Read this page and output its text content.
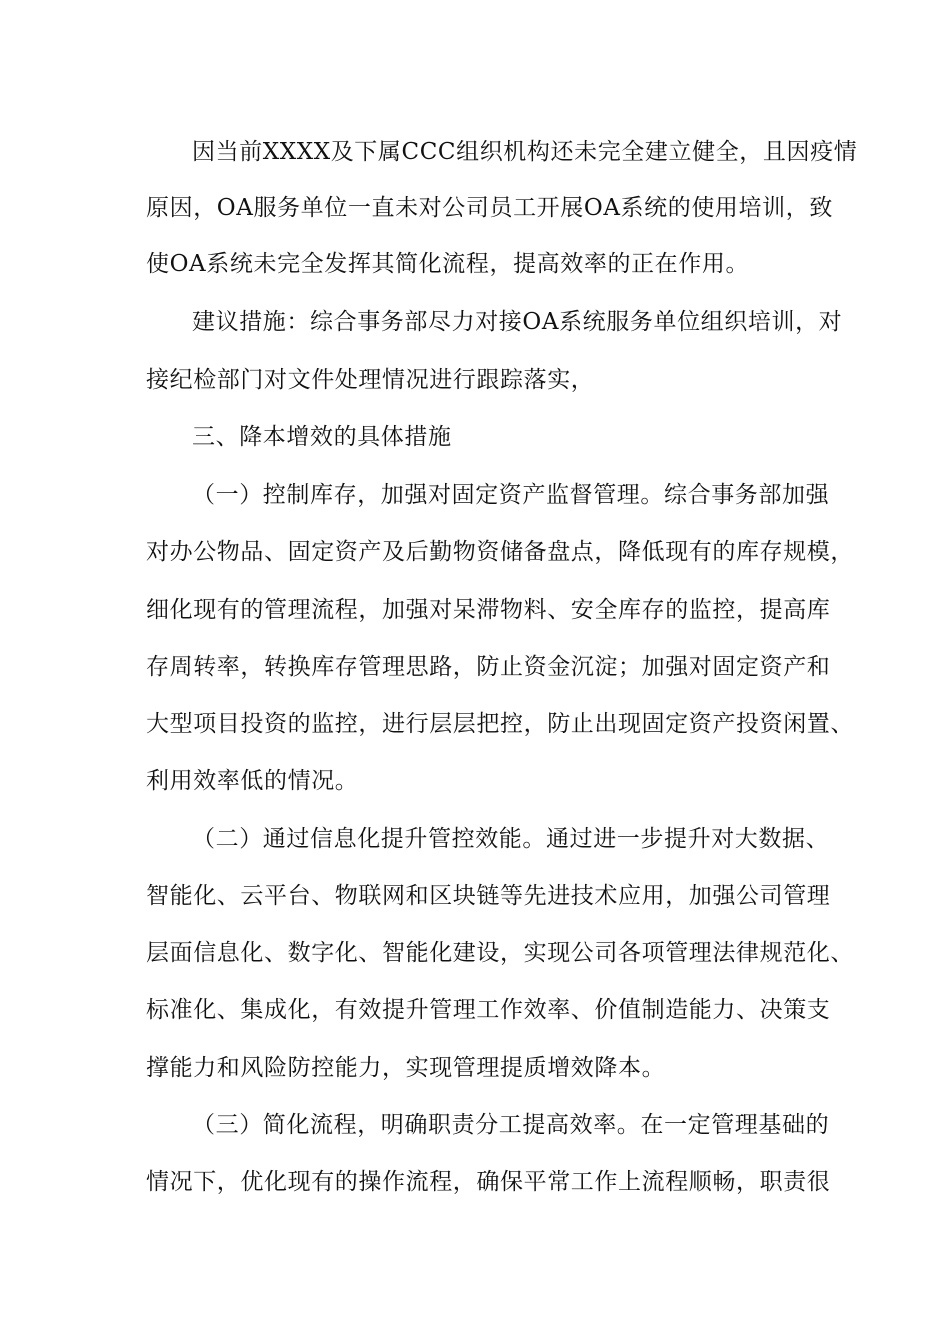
因当前XXXX及下属CCC组织机构还未完全建立健全，且因疫情
原因，OA服务单位一直未对公司员工开展OA系统的使用培训，致
使OA系统未完全发挥其简化流程，提高效率的正在作用。
建议措施：综合事务部尽力对接OA系统服务单位组织培训，对
接纪检部门对文件处理情况进行跟踪落实，
三、降本增效的具体措施
（一）控制库存，加强对固定资产监督管理。综合事务部加强
对办公物品、固定资产及后勤物资储备盘点，降低现有的库存规模，
细化现有的管理流程，加强对呆滞物料、安全库存的监控，提高库
存周转率，转换库存管理思路，防止资金沉淀；加强对固定资产和
大型项目投资的监控，进行层层把控，防止出现固定资产投资闲置、
利用效率低的情况。
（二）通过信息化提升管控效能。通过进一步提升对大数据、
智能化、云平台、物联网和区块链等先进技术应用，加强公司管理
层面信息化、数字化、智能化建设，实现公司各项管理法律规范化、
标准化、集成化，有效提升管理工作效率、价值制造能力、决策支
撑能力和风险防控能力，实现管理提质增效降本。
（三）简化流程，明确职责分工提高效率。在一定管理基础的
情况下，优化现有的操作流程，确保平常工作上流程顺畅，职责很
